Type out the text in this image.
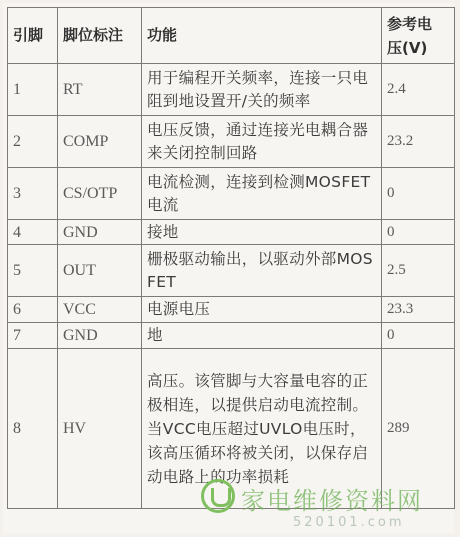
引脚	脚位标注	功能	参考电压(V)
1	RT	用于编程开关频率，连接一只电阻到地设置开/关的频率	2.4
2	COMP	电压反馈，通过连接光电耦合器来关闭控制回路	23.2
3	CS/OTP	电流检测，连接到检测MOSFET电流	0
4	GND	接地	0
5	OUT	栅极驱动输出，以驱动外部MOSFET	2.5
6	VCC	电源电压	23.3
7	GND	地	0
8	HV	高压。该管脚与大容量电容的正极相连，以提供启动电流控制。当VCC电压超过UVLO电压时，该高压循环将被关闭，以保存启动电路上的功率损耗	289
家电维修资料网
520101.com
